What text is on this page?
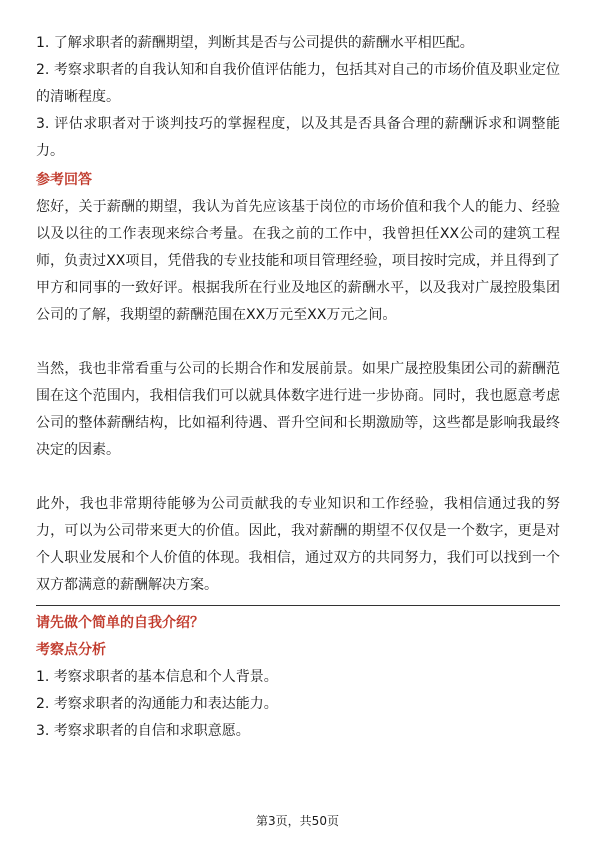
1. 了解求职者的薪酬期望，判断其是否与公司提供的薪酬水平相匹配。

2. 考察求职者的自我认知和自我价值评估能力，包括其对自己的市场价值及职业定位的清晰程度。

3. 评估求职者对于谈判技巧的掌握程度，以及其是否具备合理的薪酬诉求和调整能力。

参考回答

您好，关于薪酬的期望，我认为首先应该基于岗位的市场价值和我个人的能力、经验以及以往的工作表现来综合考量。在我之前的工作中，我曾担任XX公司的建筑工程师，负责过XX项目，凭借我的专业技能和项目管理经验，项目按时完成，并且得到了甲方和同事的一致好评。根据我所在行业及地区的薪酬水平，以及我对广晟控股集团公司的了解，我期望的薪酬范围在XX万元至XX万元之间。

当然，我也非常看重与公司的长期合作和发展前景。如果广晟控股集团公司的薪酬范围在这个范围内，我相信我们可以就具体数字进行进一步协商。同时，我也愿意考虑公司的整体薪酬结构，比如福利待遇、晋升空间和长期激励等，这些都是影响我最终决定的因素。

此外，我也非常期待能够为公司贡献我的专业知识和工作经验，我相信通过我的努力，可以为公司带来更大的价值。因此，我对薪酬的期望不仅仅是一个数字，更是对个人职业发展和个人价值的体现。我相信，通过双方的共同努力，我们可以找到一个双方都满意的薪酬解决方案。

请先做个简单的自我介绍？

考察点分析

1. 考察求职者的基本信息和个人背景。

2. 考察求职者的沟通能力和表达能力。

3. 考察求职者的自信和求职意愿。

第3页，共50页
